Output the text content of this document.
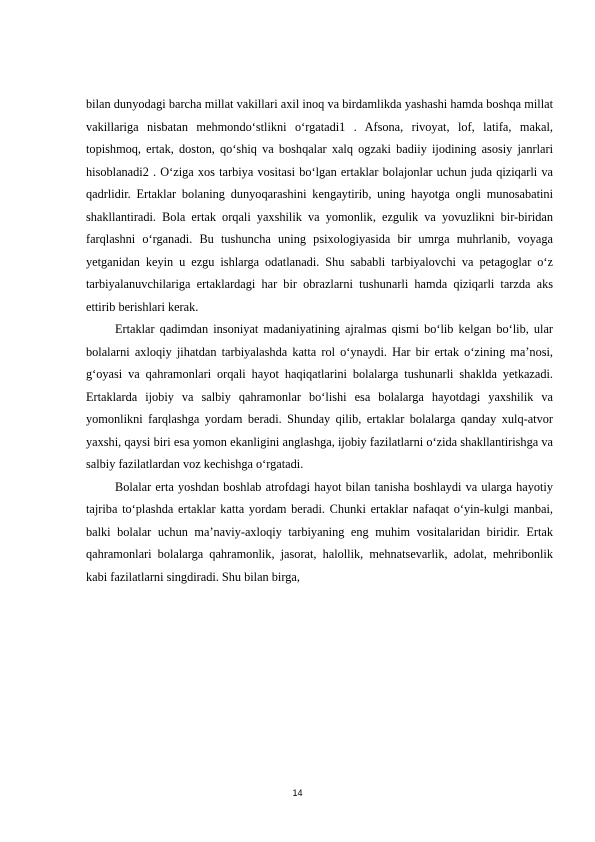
bilan dunyodagi barcha millat vakillari axil inoq va birdamlikda yashashi hamda boshqa millat vakillariga nisbatan mehmondo‘stlikni o‘rgatadi1 . Afsona, rivoyat, lof, latifa, makal, topishmoq, ertak, doston, qo‘shiq va boshqalar xalq ogzaki badiiy ijodining asosiy janrlari hisoblanadi2 . O‘ziga xos tarbiya vositasi bo‘lgan ertaklar bolajonlar uchun juda qiziqarli va qadrlidir. Ertaklar bolaning dunyoqarashini kengaytirib, uning hayotga ongli munosabatini shakllantiradi. Bola ertak orqali yaxshilik va yomonlik, ezgulik va yovuzlikni bir-biridan farqlashni o‘rganadi. Bu tushuncha uning psixologiyasida bir umrga muhrlanib, voyaga yetganidan keyin u ezgu ishlarga odatlanadi. Shu sababli tarbiyalovchi va petagoglar o‘z tarbiyalanuvchilariga ertaklardagi har bir obrazlarni tushunarli hamda qiziqarli tarzda aks ettirib berishlari kerak.

Ertaklar qadimdan insoniyat madaniyatining ajralmas qismi bo‘lib kelgan bo‘lib, ular bolalarni axloqiy jihatdan tarbiyalashda katta rol o‘ynaydi. Har bir ertak o‘zining ma’nosi, g‘oyasi va qahramonlari orqali hayot haqiqatlarini bolalarga tushunarli shaklda yetkazadi. Ertaklarda ijobiy va salbiy qahramonlar bo‘lishi esa bolalarga hayotdagi yaxshilik va yomonlikni farqlashga yordam beradi. Shunday qilib, ertaklar bolalarga qanday xulq-atvor yaxshi, qaysi biri esa yomon ekanligini anglashga, ijobiy fazilatlarni o‘zida shakllantirishga va salbiy fazilatlardan voz kechishga o‘rgatadi.

Bolalar erta yoshdan boshlab atrofdagi hayot bilan tanisha boshlaydi va ularga hayotiy tajriba to‘plashda ertaklar katta yordam beradi. Chunki ertaklar nafaqat o‘yin-kulgi manbai, balki bolalar uchun ma’naviy-axloqiy tarbiyaning eng muhim vositalaridan biridir. Ertak qahramonlari bolalarga qahramonlik, jasorat, halollik, mehnatsevarlik, adolat, mehribonlik kabi fazilatlarni singdiradi. Shu bilan birga,

14
